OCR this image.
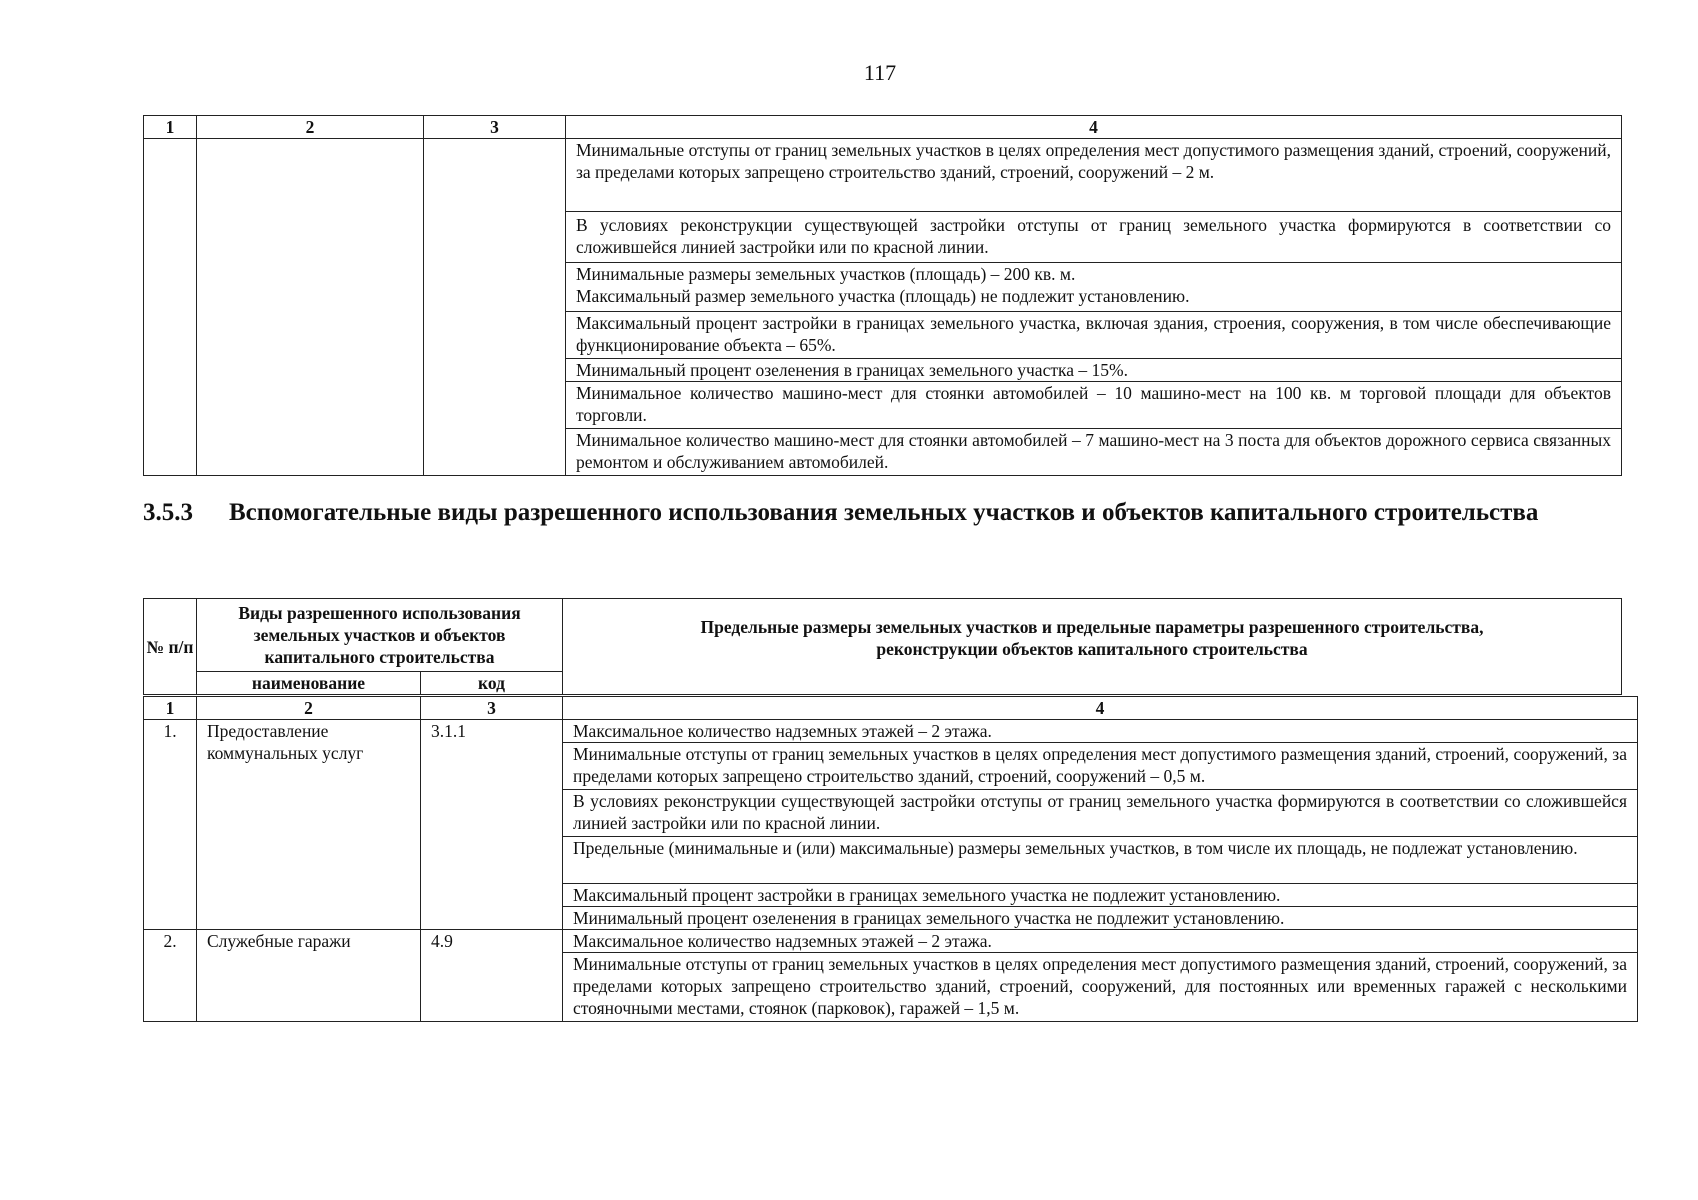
117
1	2	3	4

			Минимальные отступы от границ земельных участков в целях определения мест допустимого размещения зданий, строений, сооружений, за пределами которых запрещено строительство зданий, строений, сооружений – 2 м.

			В условиях реконструкции существующей застройки отступы от границ земельного участка формируются в соответствии со сложившейся линией застройки или по красной линии.

			Минимальные размеры земельных участков (площадь) – 200 кв. м.
Максимальный размер земельного участка (площадь) не подлежит установлению.

			Максимальный процент застройки в границах земельного участка, включая здания, строения, сооружения, в том числе обеспечивающие функционирование объекта – 65%.

			Минимальный процент озеленения в границах земельного участка – 15%.

			Минимальное количество машино-мест для стоянки автомобилей – 10 машино-мест на 100 кв. м торговой площади для объектов торговли.

			Минимальное количество машино-мест для стоянки автомобилей – 7 машино-мест на 3 поста для объектов дорожного сервиса связанных ремонтом и обслуживанием автомобилей.
3.5.3 Вспомогательные виды разрешенного использования земельных участков и объектов капитального строительства
№ п/п	Виды разрешенного использования земельных участков и объектов капитального строительства		Предельные размеры земельных участков и предельные параметры разрешенного строительства, реконструкции объектов капитального строительства
	наименование	код	
1	2	3	4
1.	Предоставление коммунальных услуг	3.1.1	Максимальное количество надземных этажей – 2 этажа.

			Минимальные отступы от границ земельных участков в целях определения мест допустимого размещения зданий, строений, сооружений, за пределами которых запрещено строительство зданий, строений, сооружений – 0,5 м.

			В условиях реконструкции существующей застройки отступы от границ земельного участка формируются в соответствии со сложившейся линией застройки или по красной линии.

			Предельные (минимальные и (или) максимальные) размеры земельных участков, в том числе их площадь, не подлежат установлению.

			Максимальный процент застройки в границах земельного участка не подлежит установлению.

			Минимальный процент озеленения в границах земельного участка не подлежит установлению.

2.	Служебные гаражи	4.9	Максимальное количество надземных этажей – 2 этажа.

			Минимальные отступы от границ земельных участков в целях определения мест допустимого размещения зданий, строений, сооружений, за пределами которых запрещено строительство зданий, строений, сооружений, для постоянных или временных гаражей с несколькими стояночными местами, стоянок (парковок), гаражей – 1,5 м.
